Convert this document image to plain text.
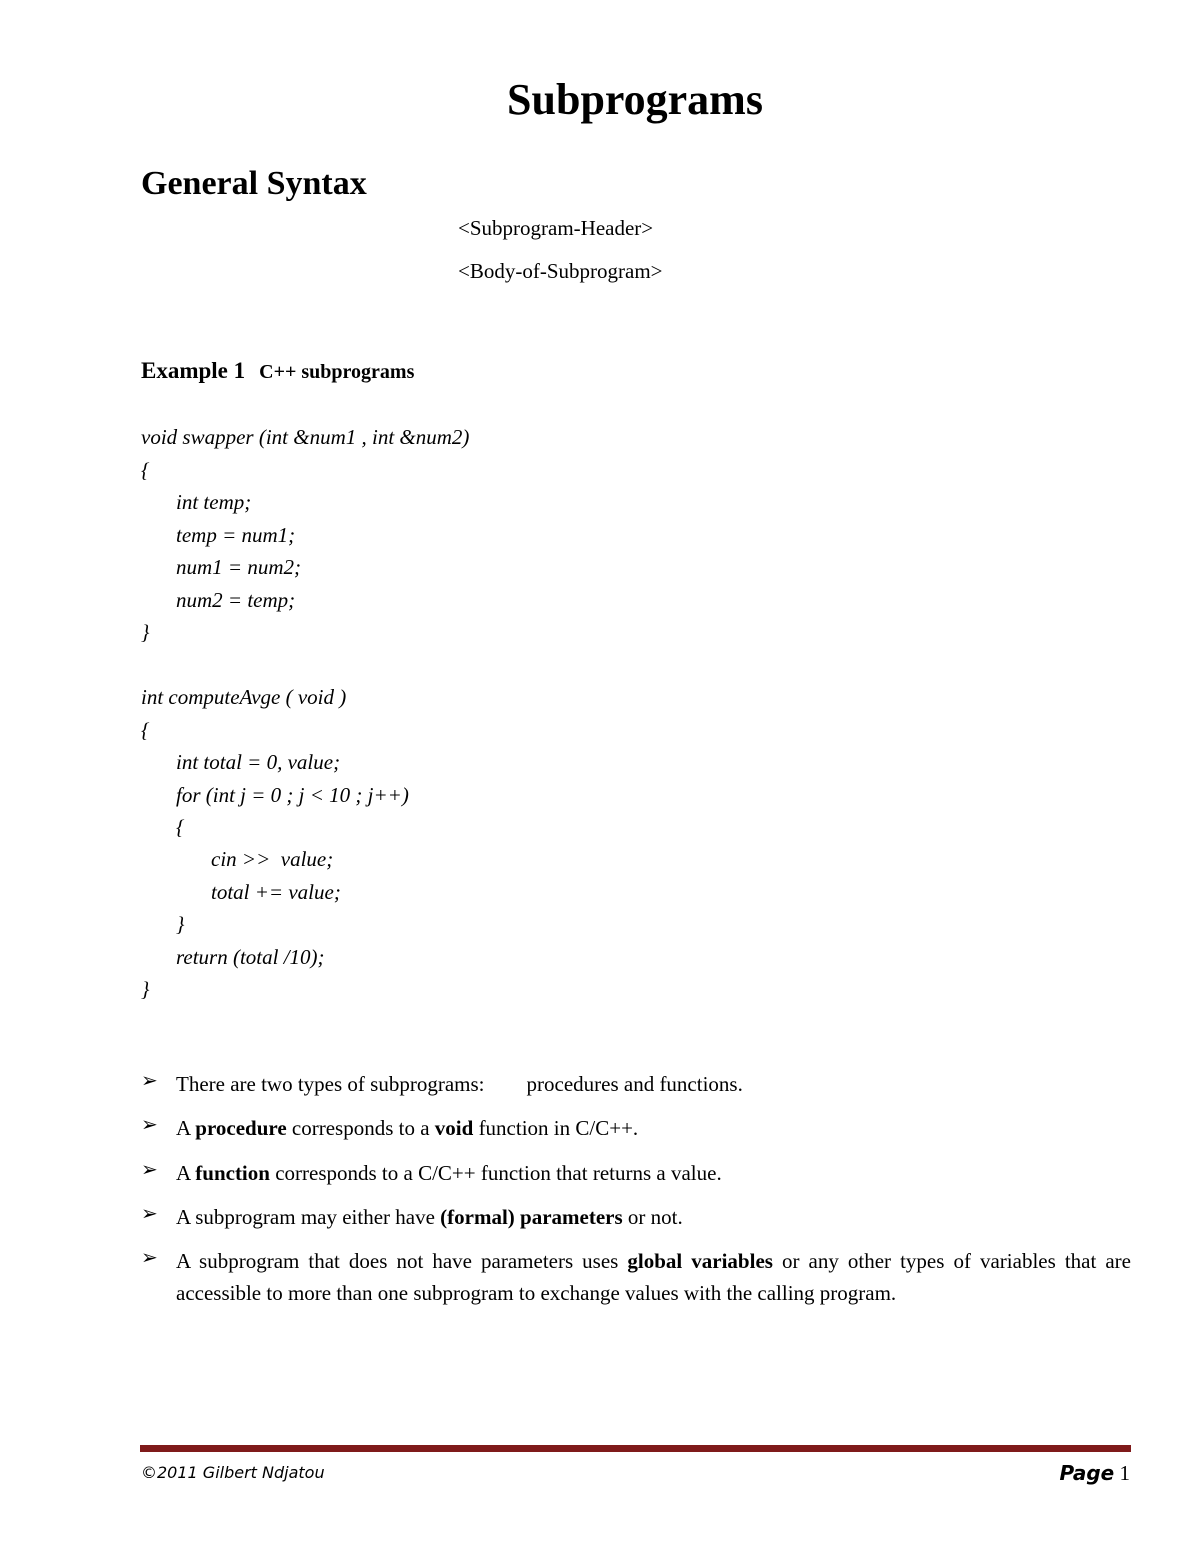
Subprograms
General Syntax
<Subprogram-Header>
<Body-of-Subprogram>
Example 1 C++ subprograms
void swapper (int &num1 , int &num2)
{
int temp;
temp = num1;
num1 = num2;
num2 = temp;
}
int computeAvge ( void )
{
int total = 0, value;
for (int j = 0 ; j < 10 ; j++)
{
cin >>  value;
total += value;
}
return (total /10);
}
➢ There are two types of subprograms: procedures and functions.
➢ A procedure corresponds to a void function in C/C++.
➢ A function corresponds to a C/C++ function that returns a value.
➢ A subprogram may either have (formal) parameters or not.
➢ A subprogram that does not have parameters uses global variables or any other types of variables that are accessible to more than one subprogram to exchange values with the calling program.
©2011 Gilbert Ndjatou	Page 1
